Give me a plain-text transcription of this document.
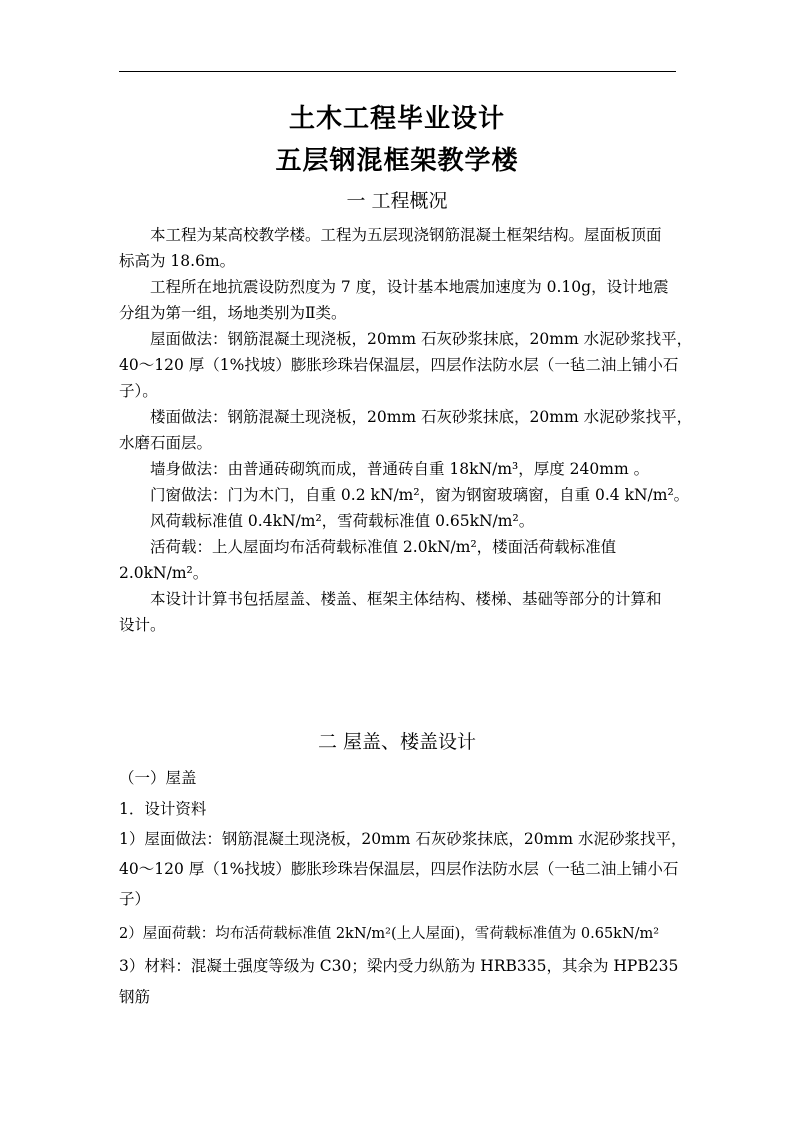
土木工程毕业设计
五层钢混框架教学楼
一 工程概况
本工程为某高校教学楼。工程为五层现浇钢筋混凝土框架结构。屋面板顶面
标高为 18.6m。
工程所在地抗震设防烈度为 7 度，设计基本地震加速度为 0.10g，设计地震
分组为第一组，场地类别为Ⅱ类。
屋面做法：钢筋混凝土现浇板，20mm 石灰砂浆抹底，20mm 水泥砂浆找平，
40～120 厚（1%找坡）膨胀珍珠岩保温层，四层作法防水层（一毡二油上铺小石
子）。
楼面做法：钢筋混凝土现浇板，20mm 石灰砂浆抹底，20mm 水泥砂浆找平，
水磨石面层。
墙身做法：由普通砖砌筑而成，普通砖自重 18kN/m³，厚度 240mm 。
门窗做法：门为木门，自重 0.2 kN/m²，窗为钢窗玻璃窗，自重 0.4 kN/m²。
风荷载标准值 0.4kN/m²，雪荷载标准值 0.65kN/m²。
活荷载：上人屋面均布活荷载标准值 2.0kN/m²，楼面活荷载标准值
2.0kN/m²。
本设计计算书包括屋盖、楼盖、框架主体结构、楼梯、基础等部分的计算和
设计。
二 屋盖、楼盖设计
（一）屋盖
1．设计资料
1）屋面做法：钢筋混凝土现浇板，20mm 石灰砂浆抹底，20mm 水泥砂浆找平，
40～120 厚（1%找坡）膨胀珍珠岩保温层，四层作法防水层（一毡二油上铺小石
子）
2）屋面荷载：均布活荷载标准值 2kN/m²(上人屋面)，雪荷载标准值为 0.65kN/m²
3）材料：混凝土强度等级为 C30；梁内受力纵筋为 HRB335，其余为 HPB235
钢筋
